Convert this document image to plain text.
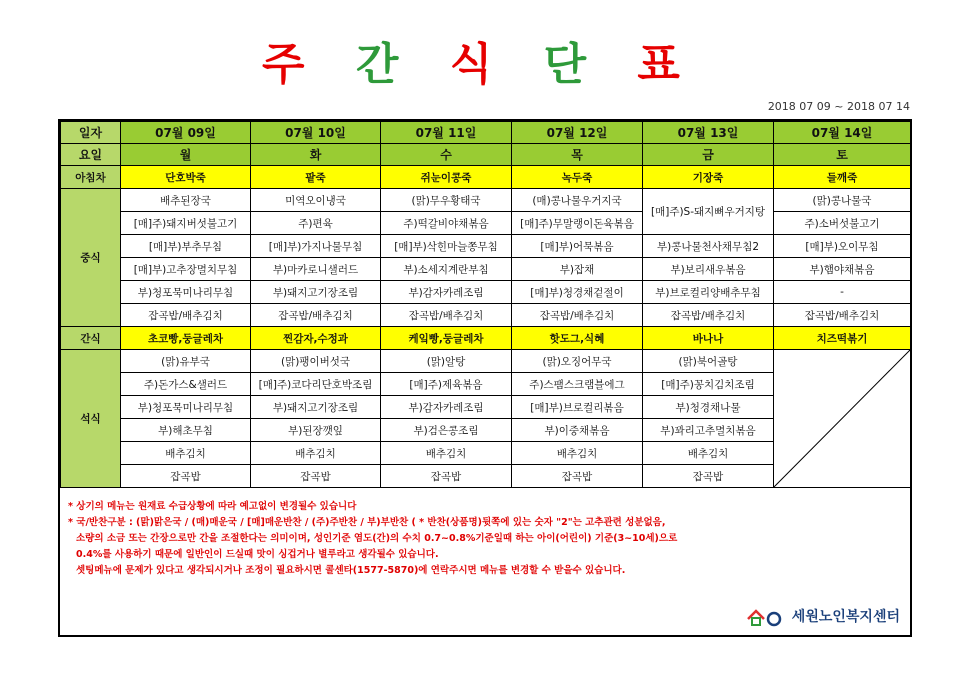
주 간 식 단 표
2018 07 09 ~ 2018 07 14
일자	07월 09일	07월 10일	07월 11일	07월 12일	07월 13일	07월 14일
요일	월	화	수	목	금	토
아침차	단호박죽	팥죽	쥐눈이콩죽	녹두죽	기장죽	들깨죽
중식	배추된장국	미역오이냉국	(맑)무우황태국	(매)콩나물우거지국	[매]주)S-돼지뼈우거지탕	(맑)콩나물국
	[매]주)돼지버섯불고기	주)편육	주)떡갈비야채볶음	[매]주)무말랭이돈육볶음		주)소버섯불고기
	[매]부)부추무침	[매]부)가지나물무침	[매]부)삭힌마늘쫑무침	[매]부)어묵볶음	부)콩나물천사채무침2	[매]부)오이무침
	[매]부)고추장멸치무침	부)마카로니샐러드	부)소세지계란부침	부)잡채	부)보리새우볶음	부)햄야채볶음
	부)청포묵미나리무침	부)돼지고기장조림	부)감자카레조림	[매]부)청경채겉절이	부)브로컬리양배추무침	-
	잡곡밥/배추김치	잡곡밥/배추김치	잡곡밥/배추김치	잡곡밥/배추김치	잡곡밥/배추김치	잡곡밥/배추김치
간식	초코빵,둥글레차	찐감자,수정과	케잌빵,둥글레차	핫도그,식혜	바나나	치즈떡볶기
석식	(맑)유부국	(맑)팽이버섯국	(맑)알탕	(맑)오징어무국	(맑)북어골탕	

	주)돈가스&샐러드	[매]주)코다리단호박조림	[매]주)제육볶음	주)스팸스크램블에그	[매]주)꽁치김치조림	
	부)청포묵미나리무침	부)돼지고기장조림	부)감자카레조림	[매]부)브로컬리볶음	부)청경채나물	
	부)해초무침	부)된장깻잎	부)검은콩조림	부)이중채볶음	부)꽈리고추멸치볶음	
	배추김치	배추김치	배추김치	배추김치	배추김치	
	잡곡밥	잡곡밥	잡곡밥	잡곡밥	잡곡밥	
* 상기의 메뉴는 원재료 수급상황에 따라 예고없이 변경될수 있습니다
* 국/반찬구분 : (맑)맑은국 / (매)매운국 / [매]매운반찬 / (주)주반찬 / 부)부반찬 ( * 반찬(상품명)뒷쪽에 있는 숫자 "2"는 고추관련 성분없음,
소량의 소금 또는 간장으로만 간을 조절한다는 의미이며, 성인기준 염도(간)의 수치 0.7~0.8%기준일때 하는 아이(어린이) 기준(3~10세)으로
0.4%를 사용하기 때문에 일반인이 드실때 맛이 싱겁거나 별루라고 생각될수 있습니다.
셋팅메뉴에 문제가 있다고 생각되시거나 조정이 필요하시면 콜센타(1577-5870)에 연락주시면 메뉴를 변경할 수 받을수 있습니다.
세원노인복지센터
